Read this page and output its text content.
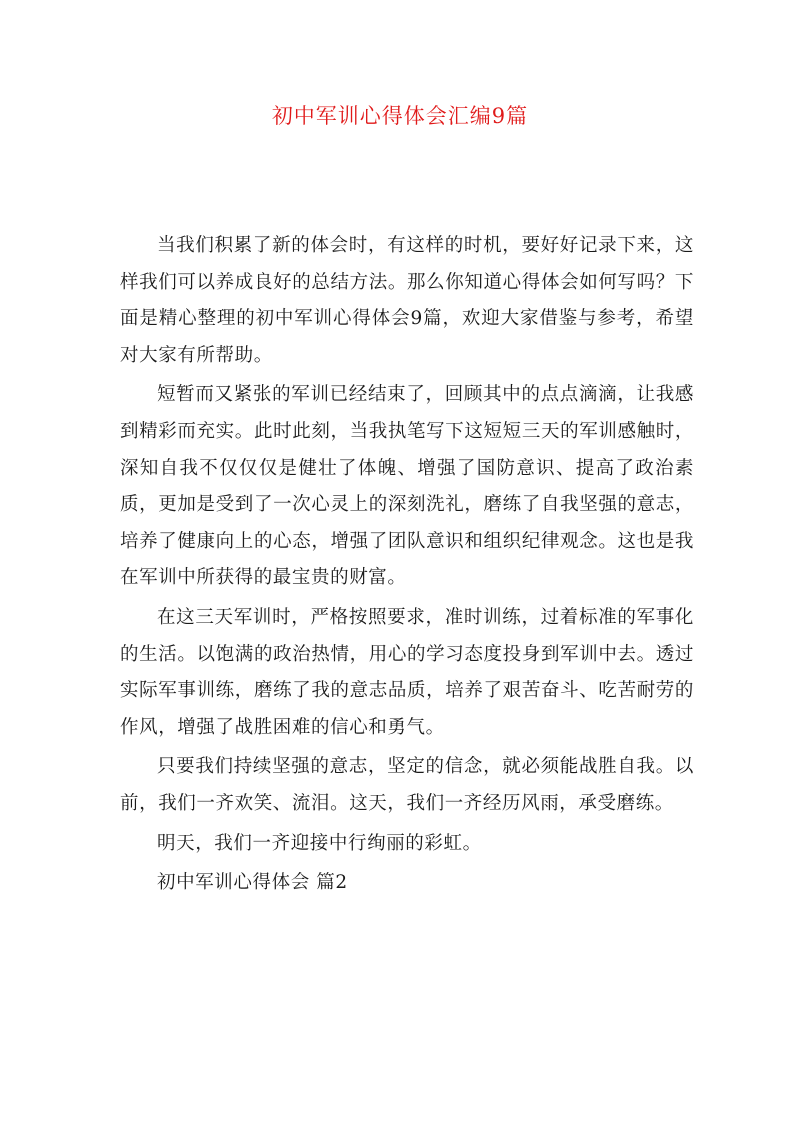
初中军训心得体会汇编9篇

当我们积累了新的体会时，有这样的时机，要好好记录下来，这样我们可以养成良好的总结方法。那么你知道心得体会如何写吗？下面是精心整理的初中军训心得体会9篇，欢迎大家借鉴与参考，希望对大家有所帮助。

短暂而又紧张的军训已经结束了，回顾其中的点点滴滴，让我感到精彩而充实。此时此刻，当我执笔写下这短短三天的军训感触时，深知自我不仅仅仅是健壮了体魄、增强了国防意识、提高了政治素质，更加是受到了一次心灵上的深刻洗礼，磨练了自我坚强的意志，培养了健康向上的心态，增强了团队意识和组织纪律观念。这也是我在军训中所获得的最宝贵的财富。

在这三天军训时，严格按照要求，准时训练，过着标准的军事化的生活。以饱满的政治热情，用心的学习态度投身到军训中去。透过实际军事训练，磨练了我的意志品质，培养了艰苦奋斗、吃苦耐劳的作风，增强了战胜困难的信心和勇气。

只要我们持续坚强的意志，坚定的信念，就必须能战胜自我。以前，我们一齐欢笑、流泪。这天，我们一齐经历风雨，承受磨练。

明天，我们一齐迎接中行绚丽的彩虹。

初中军训心得体会 篇2
